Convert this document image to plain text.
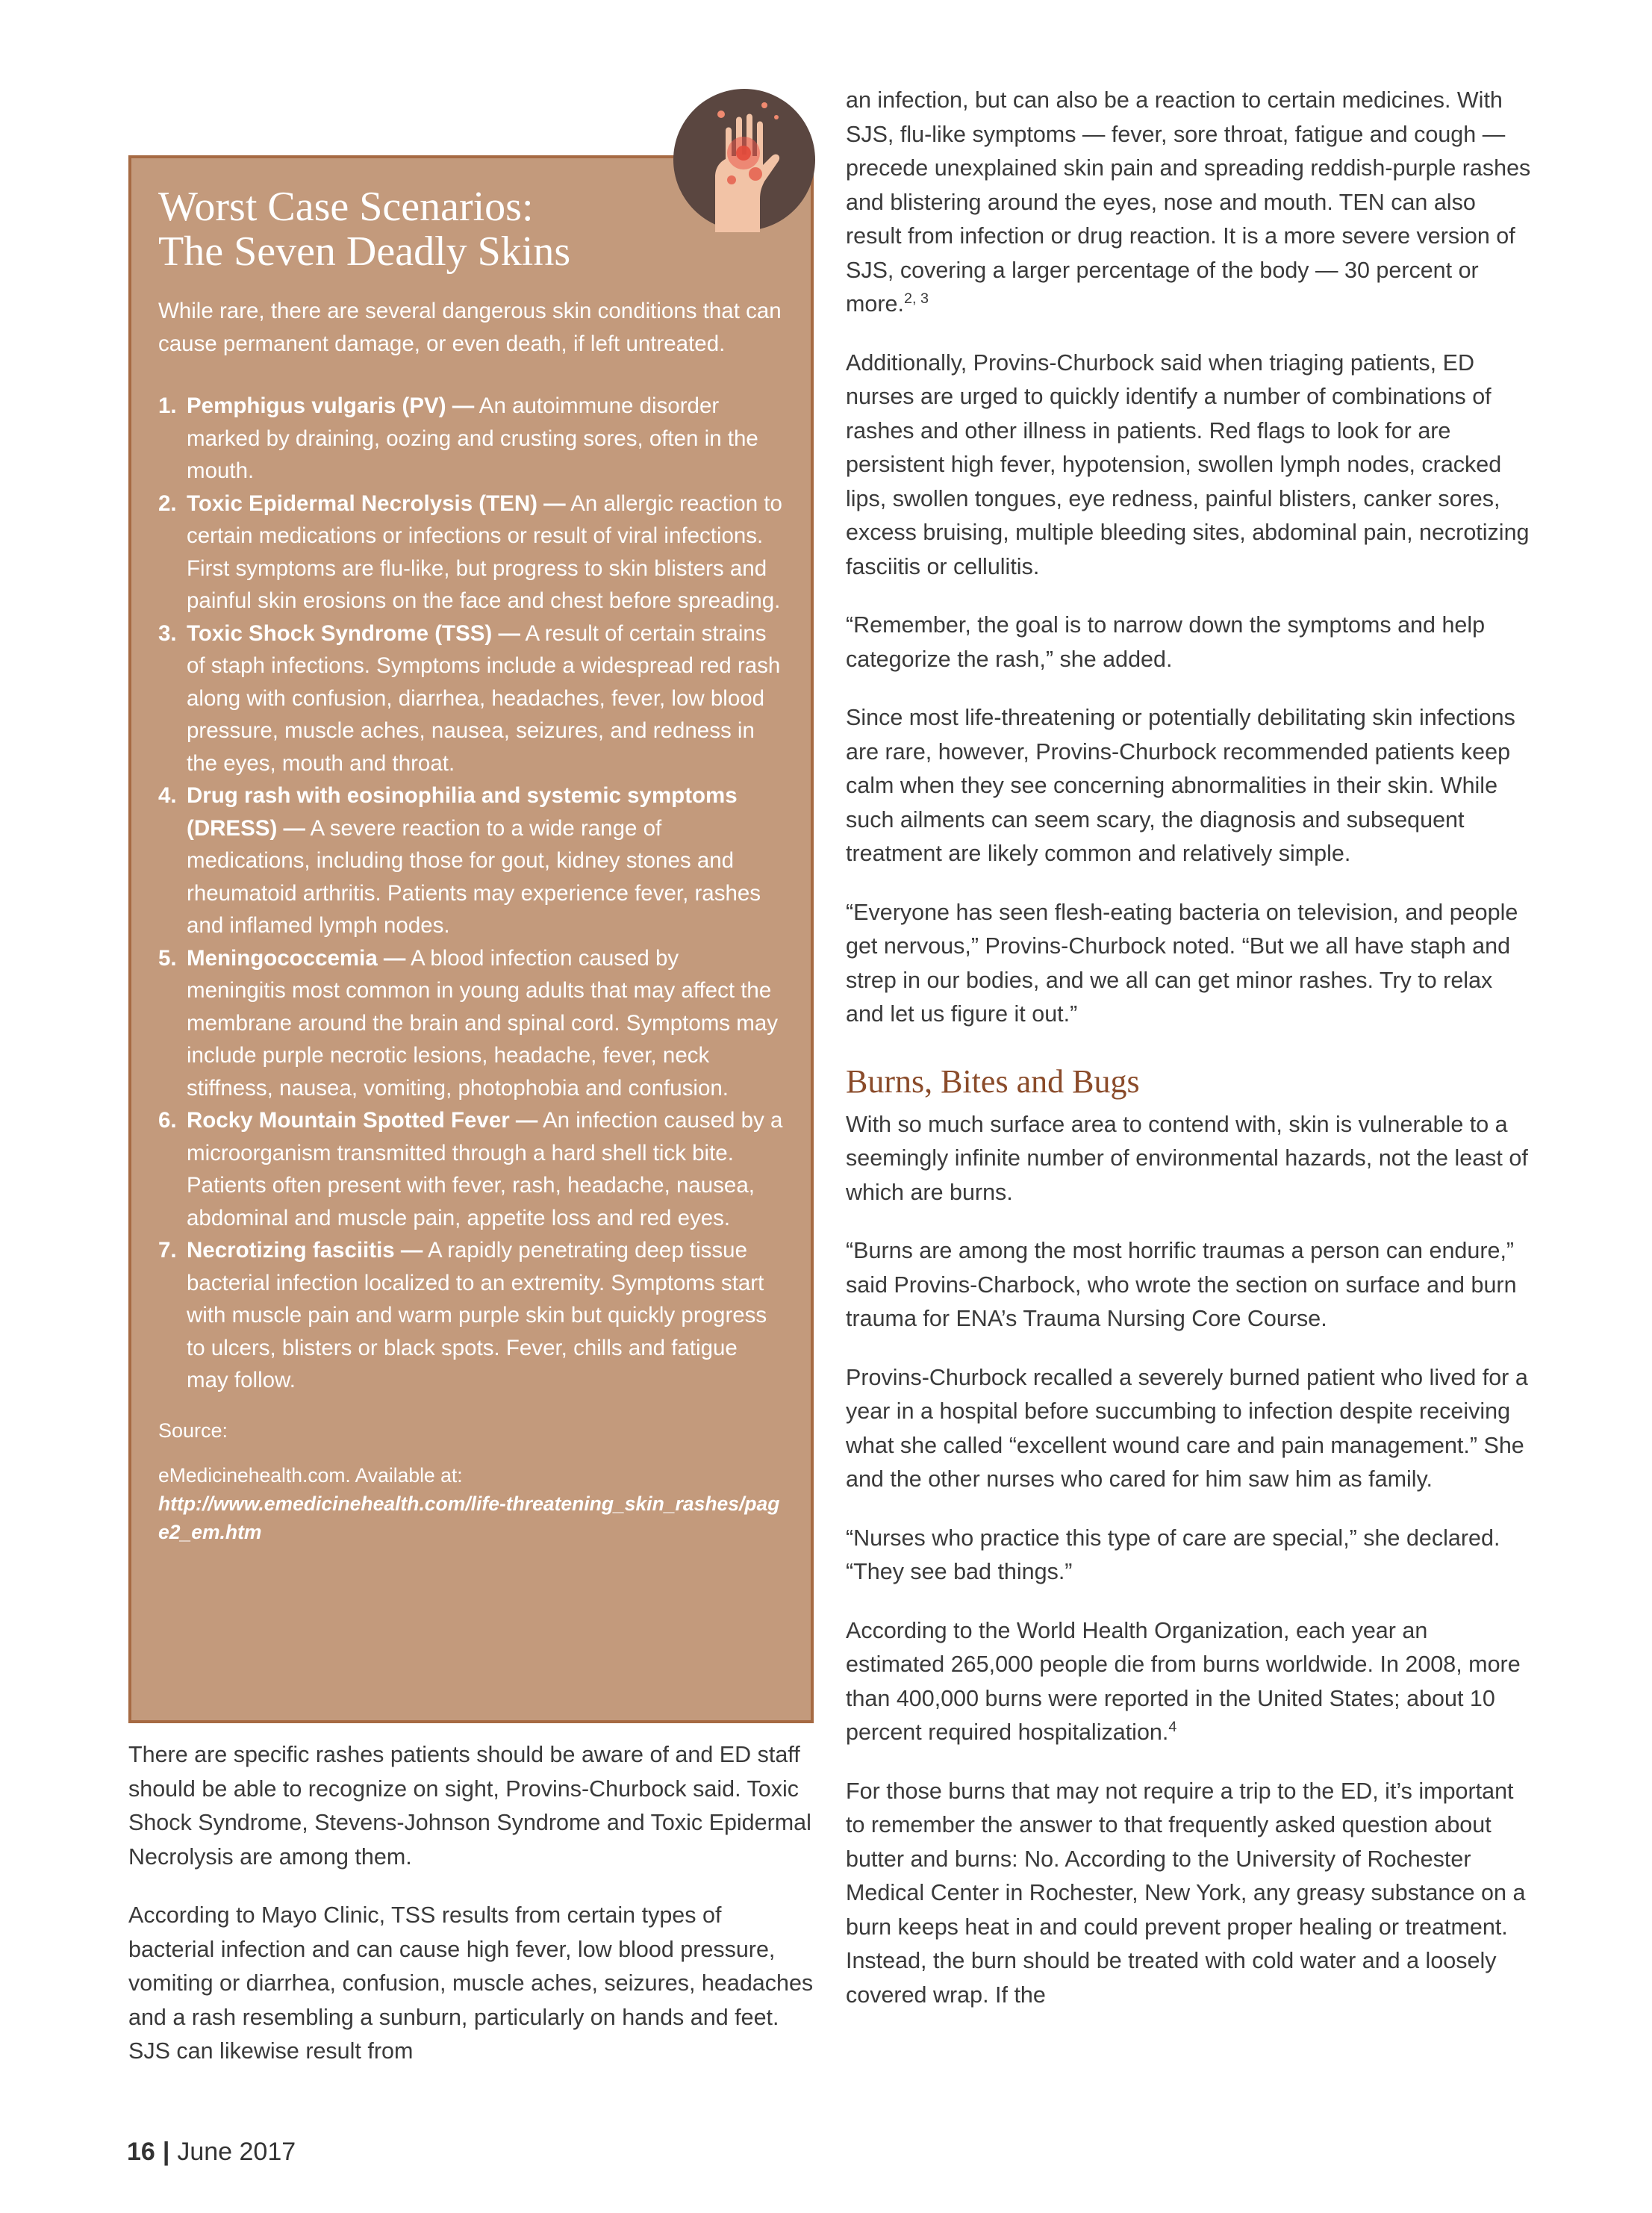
Worst Case Scenarios:
The Seven Deadly Skins

While rare, there are several dangerous skin conditions that can cause permanent damage, or even death, if left untreated.

1. Pemphigus vulgaris (PV) — An autoimmune disorder marked by draining, oozing and crusting sores, often in the mouth.
2. Toxic Epidermal Necrolysis (TEN) — An allergic reaction to certain medications or infections or result of viral infections. First symptoms are flu-like, but progress to skin blisters and painful skin erosions on the face and chest before spreading.
3. Toxic Shock Syndrome (TSS) — A result of certain strains of staph infections. Symptoms include a widespread red rash along with confusion, diarrhea, headaches, fever, low blood pressure, muscle aches, nausea, seizures, and redness in the eyes, mouth and throat.
4. Drug rash with eosinophilia and systemic symptoms (DRESS) — A severe reaction to a wide range of medications, including those for gout, kidney stones and rheumatoid arthritis. Patients may experience fever, rashes and inflamed lymph nodes.
5. Meningococcemia — A blood infection caused by meningitis most common in young adults that may affect the membrane around the brain and spinal cord. Symptoms may include purple necrotic lesions, headache, fever, neck stiffness, nausea, vomiting, photophobia and confusion.
6. Rocky Mountain Spotted Fever — An infection caused by a microorganism transmitted through a hard shell tick bite. Patients often present with fever, rash, headache, nausea, abdominal and muscle pain, appetite loss and red eyes.
7. Necrotizing fasciitis — A rapidly penetrating deep tissue bacterial infection localized to an extremity. Symptoms start with muscle pain and warm purple skin but quickly progress to ulcers, blisters or black spots. Fever, chills and fatigue may follow.

Source:

eMedicinehealth.com. Available at:

http://www.emedicinehealth.com/life-threatening_skin_rashes/page2_em.htm

There are specific rashes patients should be aware of and ED staff should be able to recognize on sight, Provins-Churbock said. Toxic Shock Syndrome, Stevens-Johnson Syndrome and Toxic Epidermal Necrolysis are among them.

According to Mayo Clinic, TSS results from certain types of bacterial infection and can cause high fever, low blood pressure, vomiting or diarrhea, confusion, muscle aches, seizures, headaches and a rash resembling a sunburn, particularly on hands and feet. SJS can likewise result from

an infection, but can also be a reaction to certain medicines. With SJS, flu-like symptoms — fever, sore throat, fatigue and cough — precede unexplained skin pain and spreading reddish-purple rashes and blistering around the eyes, nose and mouth. TEN can also result from infection or drug reaction. It is a more severe version of SJS, covering a larger percentage of the body — 30 percent or more.$^{2, 3}$

Additionally, Provins-Churbock said when triaging patients, ED nurses are urged to quickly identify a number of combinations of rashes and other illness in patients. Red flags to look for are persistent high fever, hypotension, swollen lymph nodes, cracked lips, swollen tongues, eye redness, painful blisters, canker sores, excess bruising, multiple bleeding sites, abdominal pain, necrotizing fasciitis or cellulitis.

“Remember, the goal is to narrow down the symptoms and help categorize the rash,” she added.

Since most life-threatening or potentially debilitating skin infections are rare, however, Provins-Churbock recommended patients keep calm when they see concerning abnormalities in their skin. While such ailments can seem scary, the diagnosis and subsequent treatment are likely common and relatively simple.

“Everyone has seen flesh-eating bacteria on television, and people get nervous,” Provins-Churbock noted. “But we all have staph and strep in our bodies, and we all can get minor rashes. Try to relax and let us figure it out.”

Burns, Bites and Bugs

With so much surface area to contend with, skin is vulnerable to a seemingly infinite number of environmental hazards, not the least of which are burns.

“Burns are among the most horrific traumas a person can endure,” said Provins-Charbock, who wrote the section on surface and burn trauma for ENA’s Trauma Nursing Core Course.

Provins-Churbock recalled a severely burned patient who lived for a year in a hospital before succumbing to infection despite receiving what she called “excellent wound care and pain management.” She and the other nurses who cared for him saw him as family.

“Nurses who practice this type of care are special,” she declared. “They see bad things.”

According to the World Health Organization, each year an estimated 265,000 people die from burns worldwide. In 2008, more than 400,000 burns were reported in the United States; about 10 percent required hospitalization.$^4$

For those burns that may not require a trip to the ED, it’s important to remember the answer to that frequently asked question about butter and burns: No. According to the University of Rochester Medical Center in Rochester, New York, any greasy substance on a burn keeps heat in and could prevent proper healing or treatment. Instead, the burn should be treated with cold water and a loosely covered wrap. If the

16 | June 2017
